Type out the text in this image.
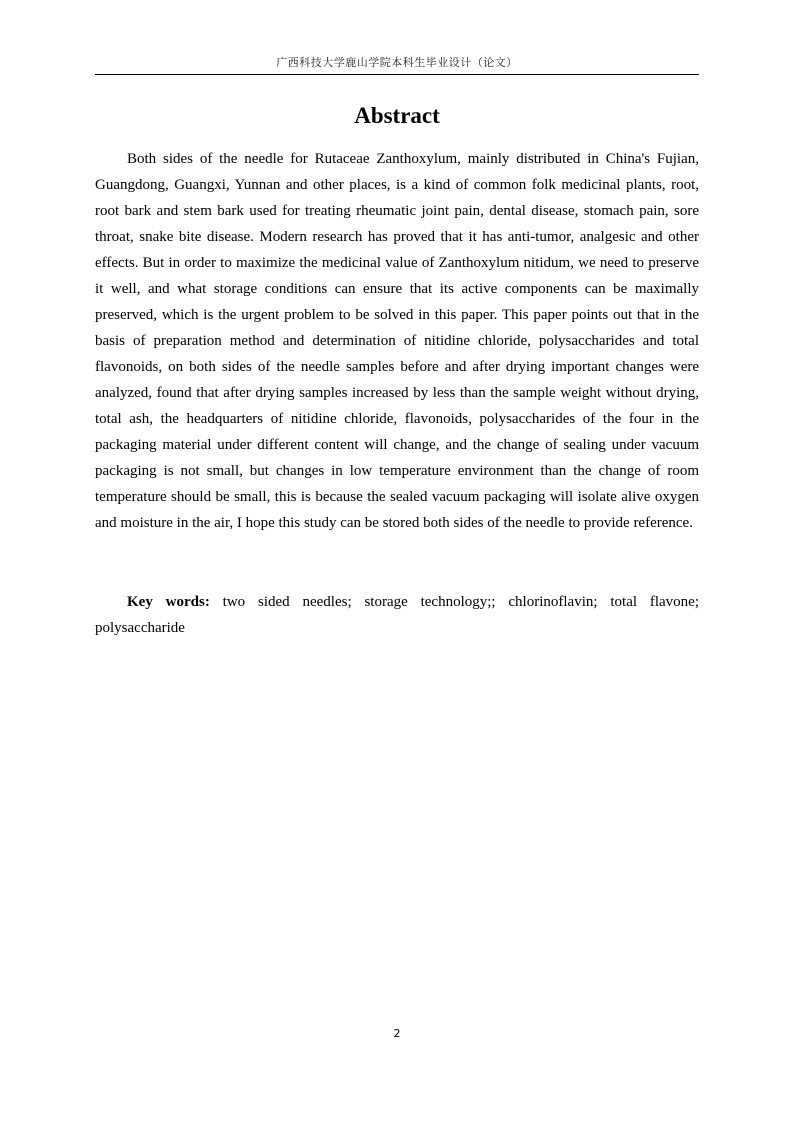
广西科技大学鹿山学院本科生毕业设计（论文）
Abstract

Both sides of the needle for Rutaceae Zanthoxylum, mainly distributed in China's Fujian, Guangdong, Guangxi, Yunnan and other places, is a kind of common folk medicinal plants, root, root bark and stem bark used for treating rheumatic joint pain, dental disease, stomach pain, sore throat, snake bite disease. Modern research has proved that it has anti-tumor, analgesic and other effects. But in order to maximize the medicinal value of Zanthoxylum nitidum, we need to preserve it well, and what storage conditions can ensure that its active components can be maximally preserved, which is the urgent problem to be solved in this paper. This paper points out that in the basis of preparation method and determination of nitidine chloride, polysaccharides and total flavonoids, on both sides of the needle samples before and after drying important changes were analyzed, found that after drying samples increased by less than the sample weight without drying, total ash, the headquarters of nitidine chloride, flavonoids, polysaccharides of the four in the packaging material under different content will change, and the change of sealing under vacuum packaging is not small, but changes in low temperature environment than the change of room temperature should be small, this is because the sealed vacuum packaging will isolate alive oxygen and moisture in the air, I hope this study can be stored both sides of the needle to provide reference.

Key words: two sided needles; storage technology;; chlorinoflavin; total flavone; polysaccharide

2
